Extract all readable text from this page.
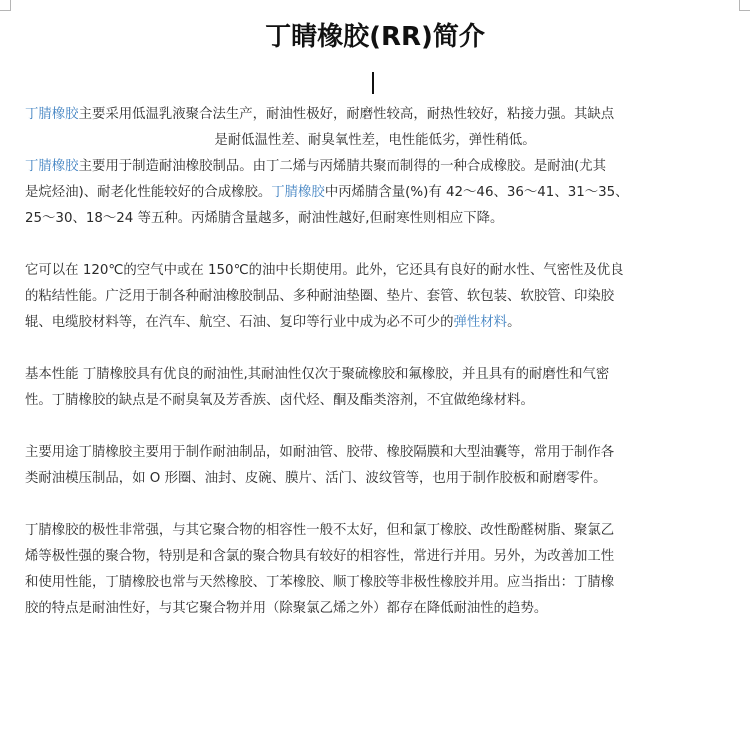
丁睛橡胶(RR)简介

丁腈橡胶主要采用低温乳液聚合法生产，耐油性极好，耐磨性较高，耐热性较好，粘接力强。其缺点

是耐低温性差、耐臭氧性差，电性能低劣，弹性稍低。

丁腈橡胶主要用于制造耐油橡胶制品。由丁二烯与丙烯腈共聚而制得的一种合成橡胶。是耐油(尤其

是烷烃油)、耐老化性能较好的合成橡胶。丁腈橡胶中丙烯腈含量(%)有 42～46、36～41、31～35、

25～30、18～24 等五种。丙烯腈含量越多，耐油性越好,但耐寒性则相应下降。

它可以在 120℃的空气中或在 150℃的油中长期使用。此外，它还具有良好的耐水性、气密性及优良

的粘结性能。广泛用于制各种耐油橡胶制品、多种耐油垫圈、垫片、套管、软包装、软胶管、印染胶

辊、电缆胶材料等，在汽车、航空、石油、复印等行业中成为必不可少的弹性材料。

基本性能 丁腈橡胶具有优良的耐油性,其耐油性仅次于聚硫橡胶和氟橡胶，并且具有的耐磨性和气密

性。丁腈橡胶的缺点是不耐臭氧及芳香族、卤代烃、酮及酯类溶剂，不宜做绝缘材料。

主要用途丁腈橡胶主要用于制作耐油制品，如耐油管、胶带、橡胶隔膜和大型油囊等，常用于制作各

类耐油模压制品，如 O 形圈、油封、皮碗、膜片、活门、波纹管等，也用于制作胶板和耐磨零件。

丁腈橡胶的极性非常强，与其它聚合物的相容性一般不太好，但和氯丁橡胶、改性酚醛树脂、聚氯乙

烯等极性强的聚合物，特别是和含氯的聚合物具有较好的相容性，常进行并用。另外，为改善加工性

和使用性能，丁腈橡胶也常与天然橡胶、丁苯橡胶、顺丁橡胶等非极性橡胶并用。应当指出：丁腈橡

胶的特点是耐油性好，与其它聚合物并用（除聚氯乙烯之外）都存在降低耐油性的趋势。
